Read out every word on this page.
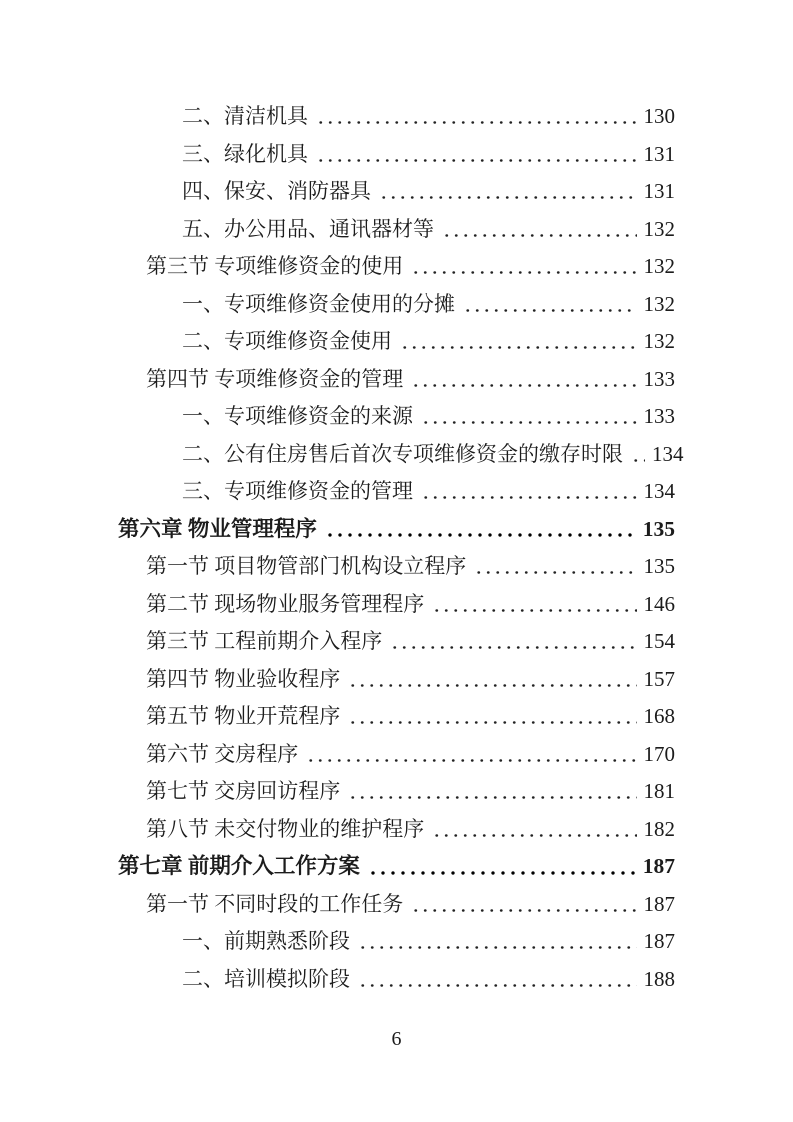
二、清洁机具	130
三、绿化机具	131
四、保安、消防器具	131
五、办公用品、通讯器材等	132
第三节 专项维修资金的使用	132
一、专项维修资金使用的分摊	132
二、专项维修资金使用	132
第四节 专项维修资金的管理	133
一、专项维修资金的来源	133
二、公有住房售后首次专项维修资金的缴存时限 134
三、专项维修资金的管理	134
第六章 物业管理程序	135
第一节 项目物管部门机构设立程序	135
第二节 现场物业服务管理程序	146
第三节 工程前期介入程序	154
第四节 物业验收程序	157
第五节 物业开荒程序	168
第六节 交房程序	170
第七节 交房回访程序	181
第八节 未交付物业的维护程序	182
第七章 前期介入工作方案	187
第一节 不同时段的工作任务	187
一、前期熟悉阶段	187
二、培训模拟阶段	188
6
